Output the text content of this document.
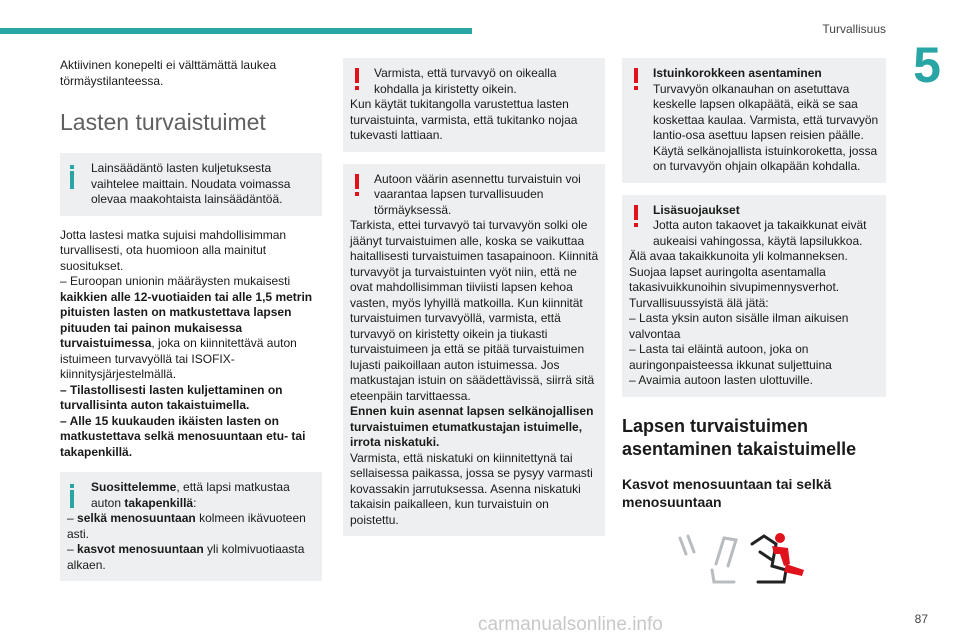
Turvallisuus
5

Aktiivinen konepelti ei välttämättä laukea törmäystilanteessa.

Lasten turvaistuimet

Lainsäädäntö lasten kuljetuksesta vaihtelee maittain. Noudata voimassa olevaa maakohtaista lainsäädäntöä.

Jotta lastesi matka sujuisi mahdollisimman turvallisesti, ota huomioon alla mainitut suositukset.

– Euroopan unionin määräysten mukaisesti kaikkien alle 12-vuotiaiden tai alle 1,5 metrin pituisten lasten on matkustettava lapsen pituuden tai painon mukaisessa turvaistuimessa, joka on kiinnitettävä auton istuimeen turvavyöllä tai ISOFIX-kiinnitysjärjestelmällä.

– Tilastollisesti lasten kuljettaminen on turvallisinta auton takaistuimella.

– Alle 15 kuukauden ikäisten lasten on matkustettava selkä menosuuntaan etu- tai takapenkillä.

Suosittelemme, että lapsi matkustaa auton takapenkillä:

– selkä menosuuntaan kolmeen ikävuoteen asti.

– kasvot menosuuntaan yli kolmivuotiaasta alkaen.

Varmista, että turvavyö on oikealla kohdalla ja kiristetty oikein.

Kun käytät tukitangolla varustettua lasten turvaistuinta, varmista, että tukitanko nojaa tukevasti lattiaan.

Autoon väärin asennettu turvaistuin voi vaarantaa lapsen turvallisuuden törmäyksessä.

Tarkista, ettei turvavyö tai turvavyön solki ole jäänyt turvaistuimen alle, koska se vaikuttaa haitallisesti turvaistuimen tasapainoon. Kiinnitä turvavyöt ja turvaistuinten vyöt niin, että ne ovat mahdollisimman tiiviisti lapsen kehoa vasten, myös lyhyillä matkoilla. Kun kiinnität turvaistuimen turvavyöllä, varmista, että turvavyö on kiristetty oikein ja tiukasti turvaistuimeen ja että se pitää turvaistuimen lujasti paikoillaan auton istuimessa. Jos matkustajan istuin on säädettävissä, siirrä sitä eteenpäin tarvittaessa.

Ennen kuin asennat lapsen selkänojallisen turvaistuimen etumatkustajan istuimelle, irrota niskatuki.

Varmista, että niskatuki on kiinnitettynä tai sellaisessa paikassa, jossa se pysyy varmasti kovassakin jarrutuksessa. Asenna niskatuki takaisin paikalleen, kun turvaistuin on poistettu.

Istuinkorokkeen asentaminen

Turvavyön olkanauhan on asetuttava keskelle lapsen olkapäätä, eikä se saa koskettaa kaulaa. Varmista, että turvavyön lantio-osa asettuu lapsen reisien päälle. Käytä selkänojallista istuinkoroketta, jossa on turvavyön ohjain olkapään kohdalla.

Lisäsuojaukset

Jotta auton takaovet ja takaikkunat eivät aukeaisi vahingossa, käytä lapsilukkoa.

Älä avaa takaikkunoita yli kolmanneksen.

Suojaa lapset auringolta asentamalla takasivuikkunoihin sivupimennysverhot.

Turvallisuussyistä älä jätä:

– Lasta yksin auton sisälle ilman aikuisen valvontaa

– Lasta tai eläintä autoon, joka on auringonpaisteessa ikkunat suljettuina

– Avaimia autoon lasten ulottuville.

Lapsen turvaistuimen asentaminen takaistuimelle
Kasvot menosuuntaan tai selkä menosuuntaan
carmanualsonline.info	87
